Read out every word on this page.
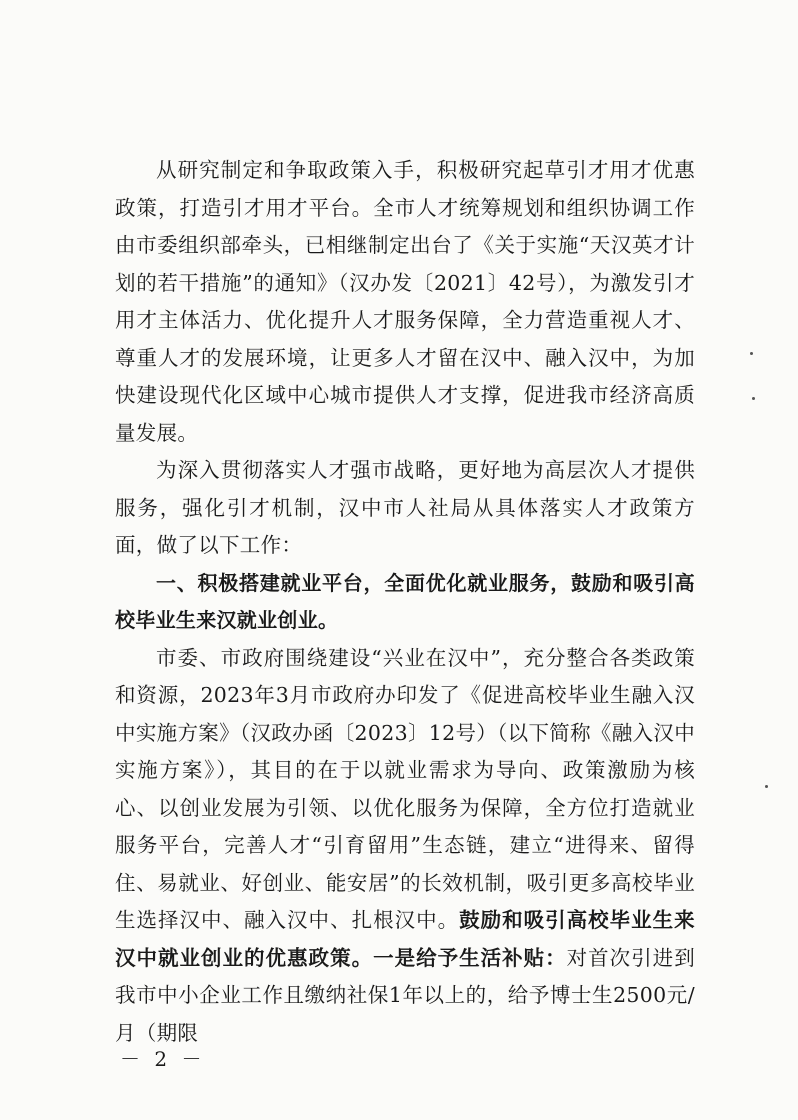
从研究制定和争取政策入手，积极研究起草引才用才优惠政策，打造引才用才平台。全市人才统筹规划和组织协调工作由市委组织部牵头，已相继制定出台了《关于实施“天汉英才计划的若干措施”的通知》（汉办发〔2021〕42号），为激发引才用才主体活力、优化提升人才服务保障，全力营造重视人才、尊重人才的发展环境，让更多人才留在汉中、融入汉中，为加快建设现代化区域中心城市提供人才支撑，促进我市经济高质量发展。

为深入贯彻落实人才强市战略，更好地为高层次人才提供服务，强化引才机制，汉中市人社局从具体落实人才政策方面，做了以下工作：

一、积极搭建就业平台，全面优化就业服务，鼓励和吸引高校毕业生来汉就业创业。

市委、市政府围绕建设“兴业在汉中”，充分整合各类政策和资源，2023年3月市政府办印发了《促进高校毕业生融入汉中实施方案》（汉政办函〔2023〕12号）（以下简称《融入汉中实施方案》），其目的在于以就业需求为导向、政策激励为核心、以创业发展为引领、以优化服务为保障，全方位打造就业服务平台，完善人才“引育留用”生态链，建立“进得来、留得住、易就业、好创业、能安居”的长效机制，吸引更多高校毕业生选择汉中、融入汉中、扎根汉中。鼓励和吸引高校毕业生来汉中就业创业的优惠政策。一是给予生活补贴：对首次引进到我市中小企业工作且缴纳社保1年以上的，给予博士生2500元/月（期限

－ 2 －
